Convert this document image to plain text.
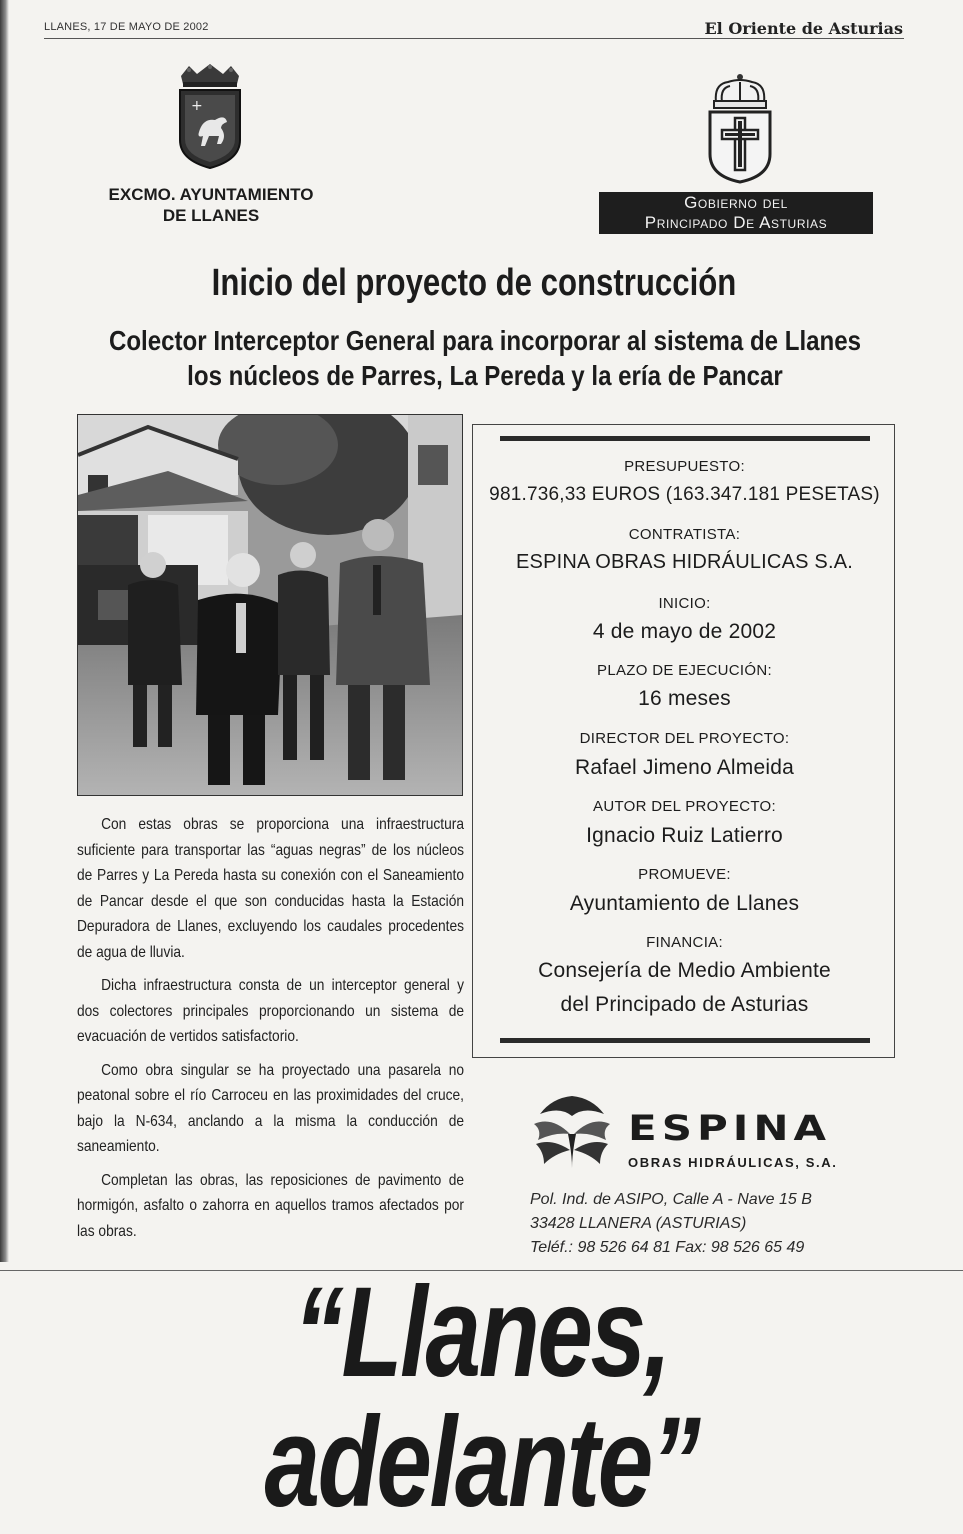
LLANES, 17 DE MAYO DE 2002	El Oriente de Asturias
+
EXCMO. AYUNTAMIENTO
DE LLANES
Gobierno del
Principado De Asturias
Inicio del proyecto de construcción
Colector Interceptor General para incorporar al sistema de Llanes
los núcleos de Parres, La Pereda y la ería de Pancar

Con estas obras se proporciona una infraestructura suficiente para transportar las “aguas negras” de los núcleos de Parres y La Pereda hasta su conexión con el Saneamiento de Pancar desde el que son conducidas hasta la Estación Depuradora de Llanes, excluyendo los caudales procedentes de agua de lluvia.

Dicha infraestructura consta de un interceptor general y dos colectores principales proporcionando un sistema de evacuación de vertidos satisfactorio.

Como obra singular se ha proyectado una pasarela no peatonal sobre el río Carroceu en las proximidades del cruce, bajo la N-634, anclando a la misma la conducción de saneamiento.

Completan las obras, las reposiciones de pavimento de hormigón, asfalto o zahorra en aquellos tramos afectados por las obras.

PRESUPUESTO:
981.736,33 EUROS (163.347.181 PESETAS)
CONTRATISTA:
ESPINA OBRAS HIDRÁULICAS S.A.
INICIO:
4 de mayo de 2002
PLAZO DE EJECUCIÓN:
16 meses
DIRECTOR DEL PROYECTO:
Rafael Jimeno Almeida
AUTOR DEL PROYECTO:
Ignacio Ruiz Latierro
PROMUEVE:
Ayuntamiento de Llanes
FINANCIA:
Consejería de Medio Ambiente
del Principado de Asturias
ESPINA
OBRAS HIDRÁULICAS, S.A.
Pol. Ind. de ASIPO, Calle A - Nave 15 B
33428 LLANERA (ASTURIAS)
Teléf.: 98 526 64 81 Fax: 98 526 65 49
“Llanes, adelante”
